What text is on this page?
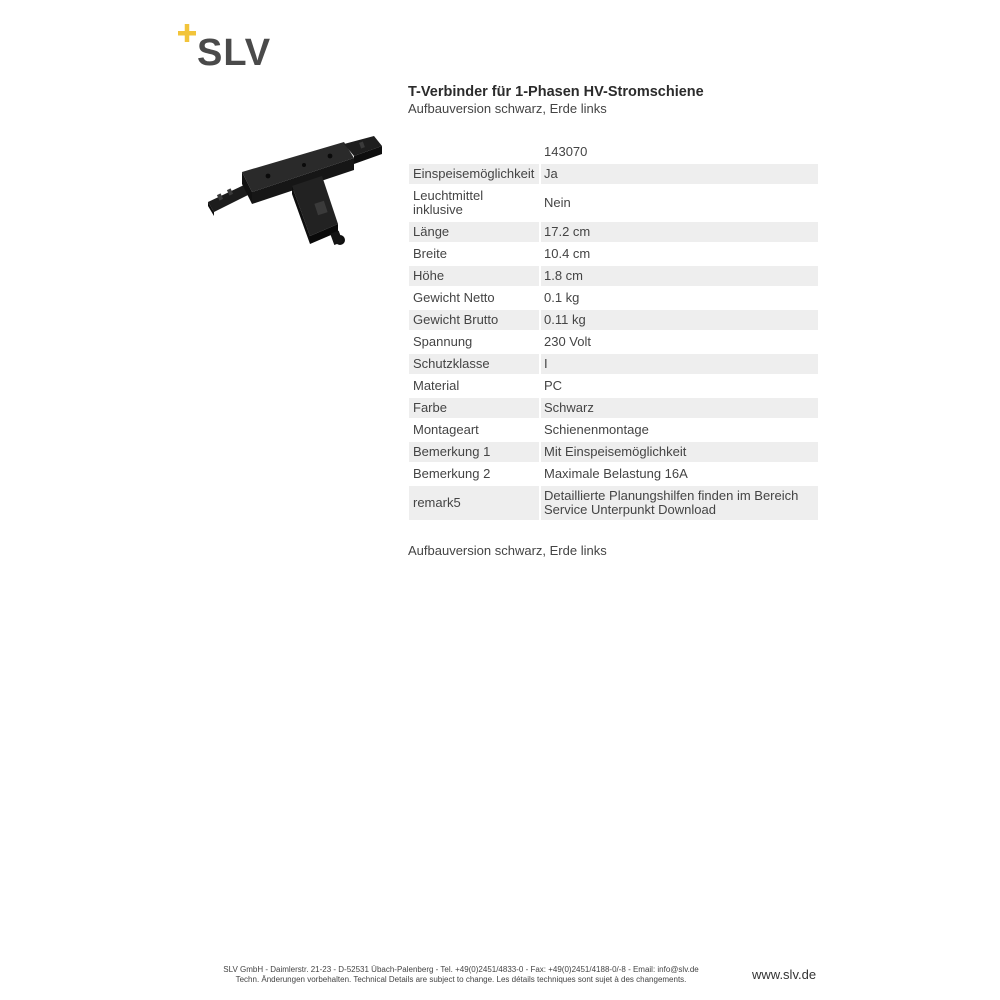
SLV

T-Verbinder für 1-Phasen HV-Stromschiene

Aufbauversion schwarz, Erde links

	143070
Einspeisemöglichkeit	Ja
Leuchtmittel inklusive	Nein
Länge	17.2 cm
Breite	10.4 cm
Höhe	1.8 cm
Gewicht Netto	0.1 kg
Gewicht Brutto	0.11 kg
Spannung	230 Volt
Schutzklasse	I
Material	PC
Farbe	Schwarz
Montageart	Schienenmontage
Bemerkung 1	Mit Einspeisemöglichkeit
Bemerkung 2	Maximale Belastung 16A
remark5	Detaillierte Planungshilfen finden im Bereich Service Unterpunkt Download
Aufbauversion schwarz, Erde links
SLV GmbH - Daimlerstr. 21-23 - D-52531 Übach-Palenberg - Tel. +49(0)2451/4833-0 - Fax: +49(0)2451/4188-0/-8 - Email: info@slv.de
Techn. Änderungen vorbehalten. Technical Details are subject to change. Les détails techniques sont sujet à des changements.	www.slv.de
